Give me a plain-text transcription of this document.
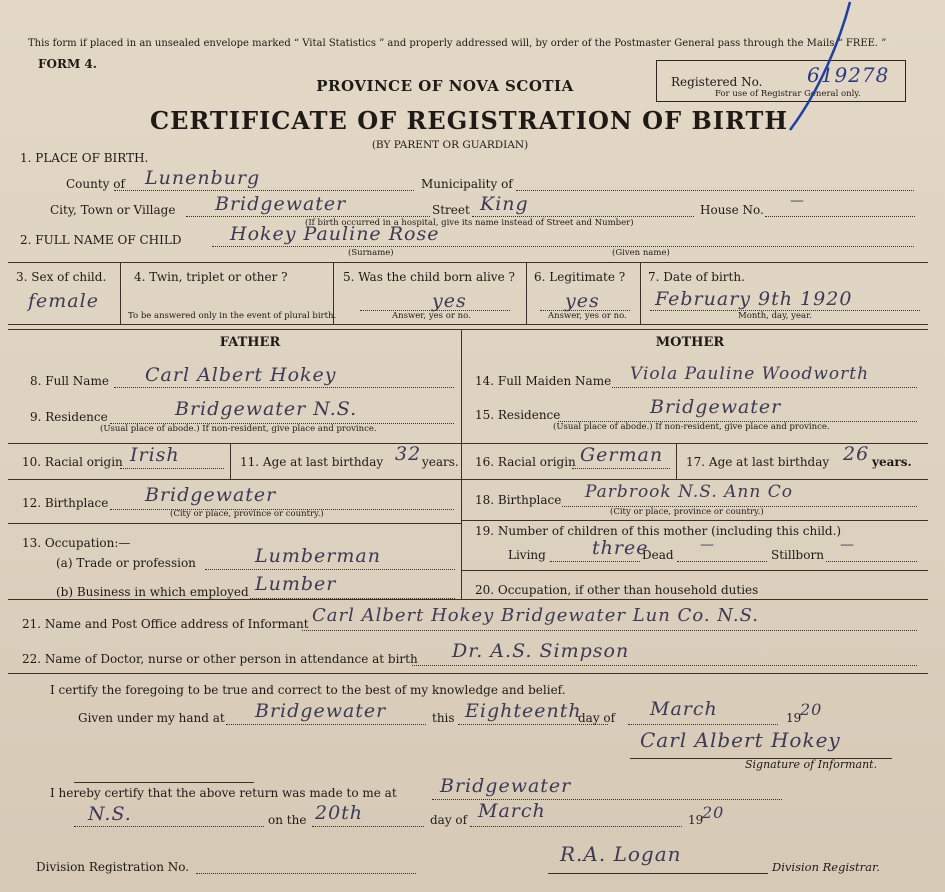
This form if placed in an unsealed envelope marked “ Vital Statistics ” and properly addressed will, by order of the Postmaster General pass through the Mails “ FREE. ”
FORM 4.
PROVINCE OF NOVA SCOTIA
CERTIFICATE OF REGISTRATION OF BIRTH
(BY PARENT OR GUARDIAN)
Registered No. 619278
For use of Registrar General only.
1. PLACE OF BIRTH.
County of Lunenburg	Municipality of
City, Town or Village Bridgewater	Street King	House No.
—
(If birth occurred in a hospital, give its name instead of Street and Number)
2. FULL NAME OF CHILD	Hokey Pauline Rose
(Surname)	(Given name)
3. Sex of child.
female
4. Twin, triplet or other ?
To be answered only in the event of plural birth.
5. Was the child born alive ?
yes
Answer, yes or no.
6. Legitimate ?
yes
Answer, yes or no.
7. Date of birth.
February 9th 1920
Month, day, year.
FATHER	MOTHER
8. Full Name Carl Albert Hokey
9. Residence	Bridgewater N.S.
(Usual place of abode.) If non-resident, give place and province.
10. Racial origin Irish	11. Age at last birthday 32 years.
12. Birthplace Bridgewater
(City or place, province or country.)
13. Occupation:—
(a) Trade or profession	Lumberman
(b) Business in which employed Lumber
14. Full Maiden Name Viola Pauline Woodworth
15. Residence	Bridgewater
(Usual place of abode.) If non-resident, give place and province.
16. Racial origin German 17. Age at last birthday 26 years.
18. Birthplace Parbrook N.S. Ann Co
(City or place, province or country.)
19. Number of children of this mother (including this child.)
Living three
Dead
—
Stillborn
—
20. Occupation, if other than household duties
21. Name and Post Office address of Informant Carl Albert Hokey Bridgewater Lun Co. N.S.
22. Name of Doctor, nurse or other person in attendance at birth Dr. A.S. Simpson
I certify the foregoing to be true and correct to the best of my knowledge and belief.
Given under my hand at Bridgewater	this Eighteenth
day of March	19
20
Carl Albert Hokey
Signature of Informant.
I hereby certify that the above return was made to me at Bridgewater
N.S.	on the 20th	day of March	19
20
Division Registration No.
R.A. Logan
Division Registrar.
